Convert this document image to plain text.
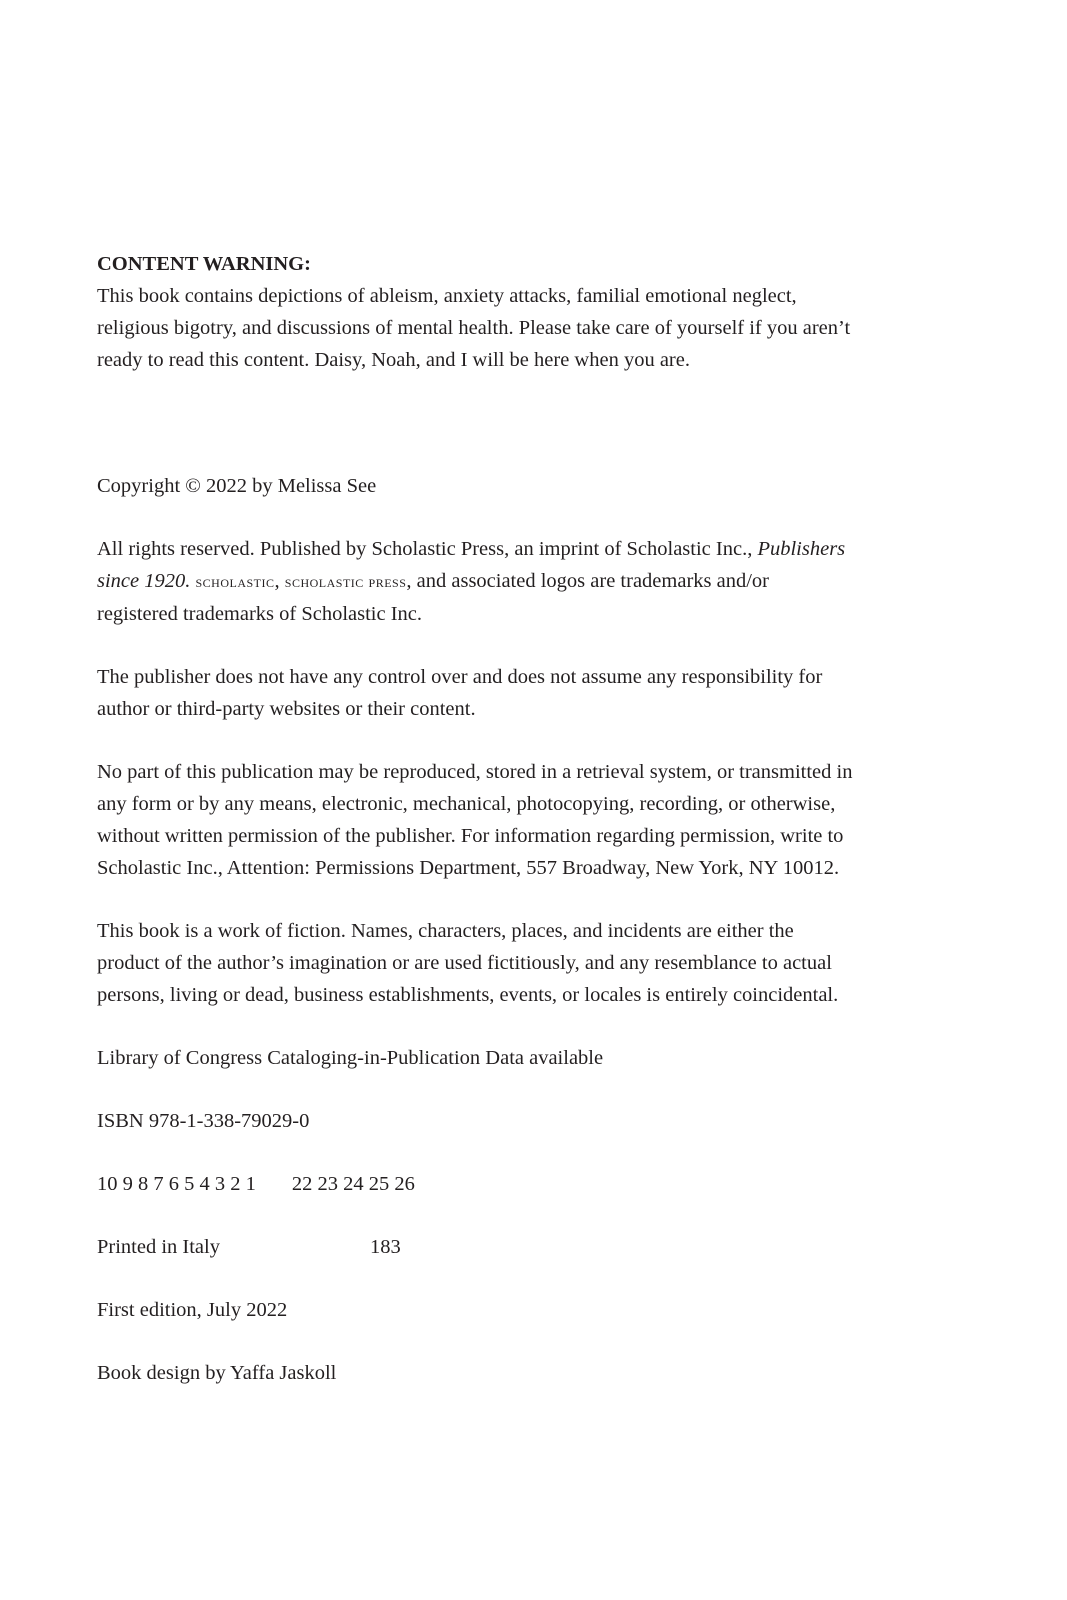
CONTENT WARNING:
This book contains depictions of ableism, anxiety attacks, familial emotional neglect,
religious bigotry, and discussions of mental health. Please take care of yourself if you aren’t
ready to read this content. Daisy, Noah, and I will be here when you are.
Copyright © 2022 by Melissa See
All rights reserved. Published by Scholastic Press, an imprint of Scholastic Inc., Publishers
since 1920. scholastic, scholastic press, and associated logos are trademarks and/or
registered trademarks of Scholastic Inc.
The publisher does not have any control over and does not assume any responsibility for
author or third-party websites or their content.
No part of this publication may be reproduced, stored in a retrieval system, or transmitted in
any form or by any means, electronic, mechanical, photocopying, recording, or otherwise,
without written permission of the publisher. For information regarding permission, write to
Scholastic Inc., Attention: Permissions Department, 557 Broadway, New York, NY 10012.
This book is a work of fiction. Names, characters, places, and incidents are either the
product of the author’s imagination or are used fictitiously, and any resemblance to actual
persons, living or dead, business establishments, events, or locales is entirely coincidental.
Library of Congress Cataloging-in-Publication Data available
ISBN 978-1-338-79029-0
10 9 8 7 6 5 4 3 2 1 22 23 24 25 26
Printed in Italy	183
First edition, July 2022
Book design by Yaffa Jaskoll
